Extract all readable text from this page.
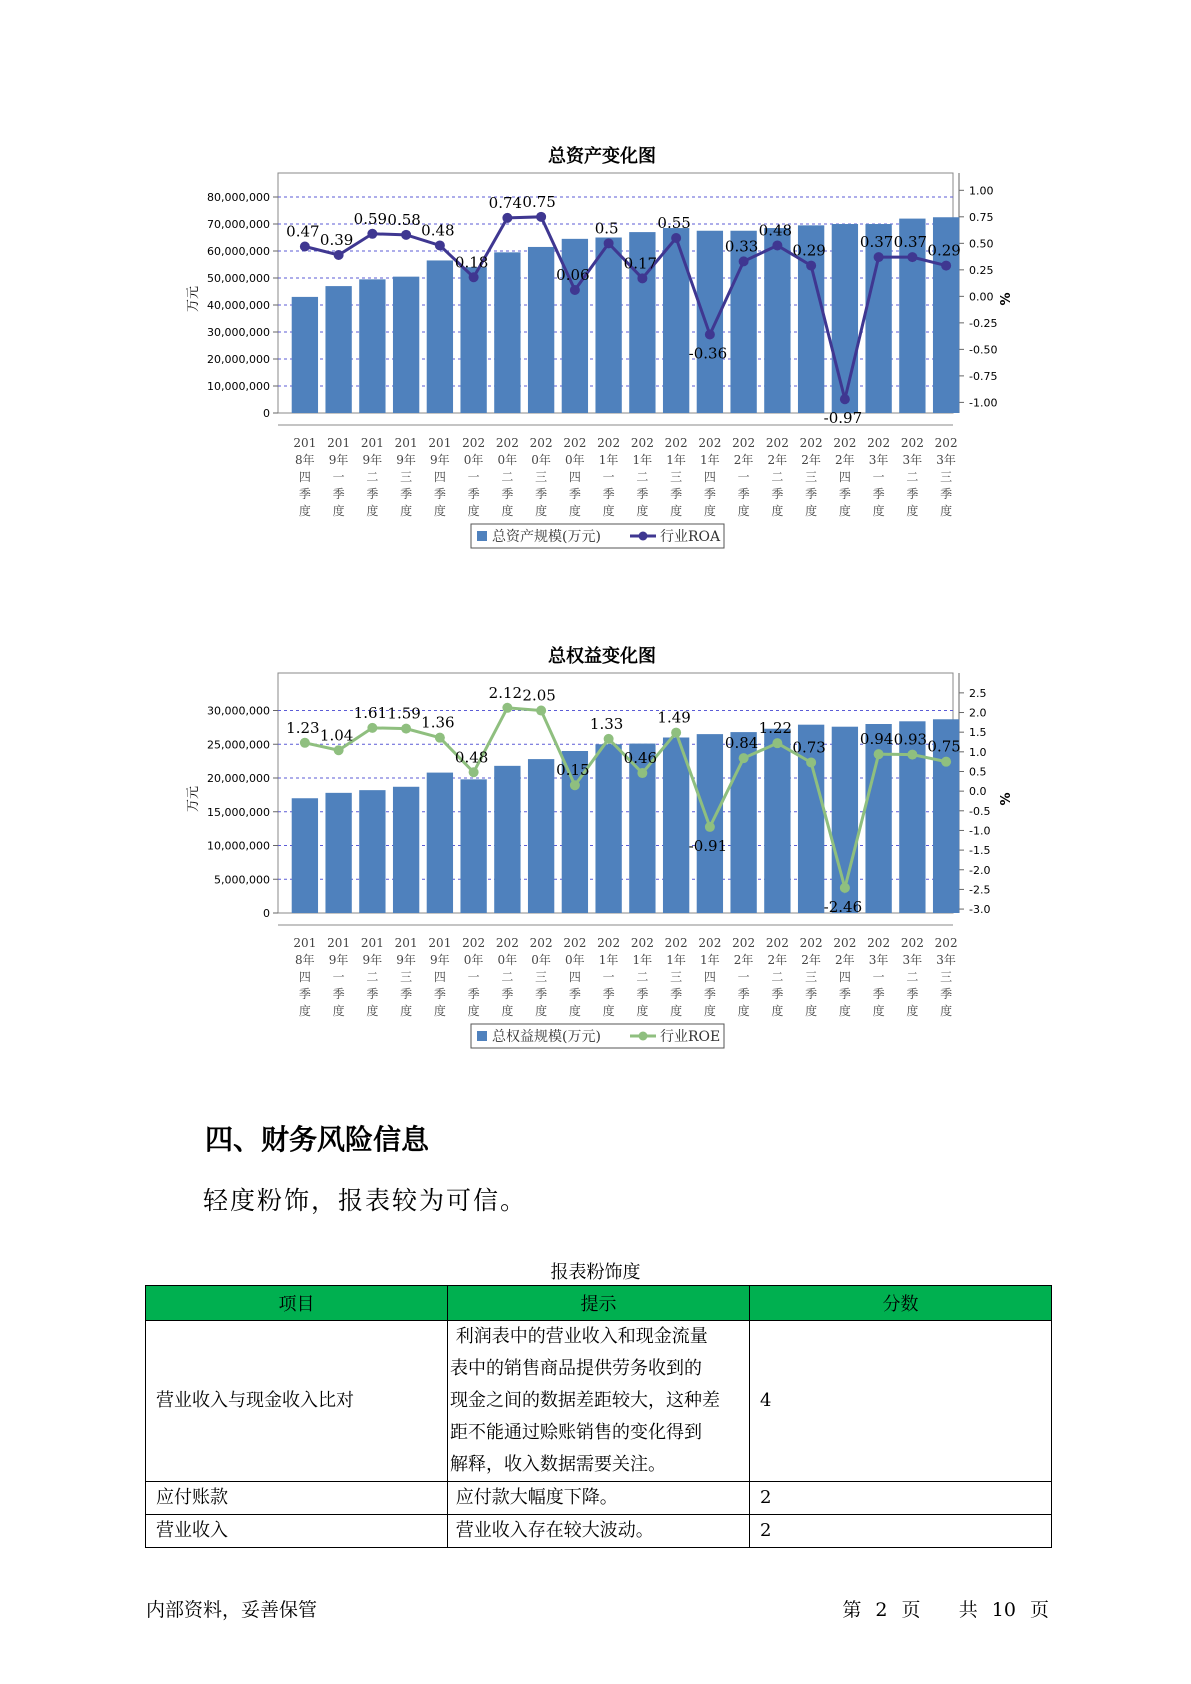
总资产变化图
0
10,000,000
20,000,000
30,000,000
40,000,000
50,000,000
60,000,000
70,000,000
80,000,000
-1.00
-0.75
-0.50
-0.25
0.00
0.25
0.50
0.75
1.00
万元	%
201
8年
四
季
度
201
9年
一
季
度
201
9年
二
季
度
201
9年
三
季
度
201
9年
四
季
度
202
0年
一
季
度
202
0年
二
季
度
202
0年
三
季
度
202
0年
四
季
度
202
1年
一
季
度
202
1年
二
季
度
202
1年
三
季
度
202
1年
四
季
度
202
2年
一
季
度
202
2年
二
季
度
202
2年
三
季
度
202
2年
四
季
度
202
3年
一
季
度
202
3年
二
季
度
202
3年
三
季
度
0.47 0.39
0.59 0.58
0.48
0.18
0.74 0.75
0.06
0.5
0.17
0.55
-0.36
0.33
0.48
0.29
-0.97
0.37 0.37 0.29
总资产规模(万元)	行业ROA
总权益变化图
0
5,000,000
10,000,000
15,000,000
20,000,000
25,000,000
30,000,000
-3.0
-2.5
-2.0
-1.5
-1.0
-0.5
0.0
0.5
1.0
1.5
2.0
2.5
万元	%
201
8年
四
季
度
201
9年
一
季
度
201
9年
二
季
度
201
9年
三
季
度
201
9年
四
季
度
202
0年
一
季
度
202
0年
二
季
度
202
0年
三
季
度
202
0年
四
季
度
202
1年
一
季
度
202
1年
二
季
度
202
1年
三
季
度
202
1年
四
季
度
202
2年
一
季
度
202
2年
二
季
度
202
2年
三
季
度
202
2年
四
季
度
202
3年
一
季
度
202
3年
二
季
度
202
3年
三
季
度
1.23 1.04
1.61 1.59
1.36
0.48
2.12 2.05
0.15
1.33
0.46
1.49
-0.91
0.84
1.22
0.73
-2.46
0.94 0.93 0.75
总权益规模(万元)	行业ROE
四、财务风险信息

轻度粉饰，报表较为可信。

报表粉饰度
项目	提示	分数
营业收入与现金收入比对	利润表中的营业收入和现金流量
表中的销售商品提供劳务收到的
现金之间的数据差距较大，这种差
距不能通过赊账销售的变化得到
解释，收入数据需要关注。	4
应付账款	应付款大幅度下降。	2
营业收入	营业收入存在较大波动。	2
内部资料，妥善保管	第 2 页 共 10 页
